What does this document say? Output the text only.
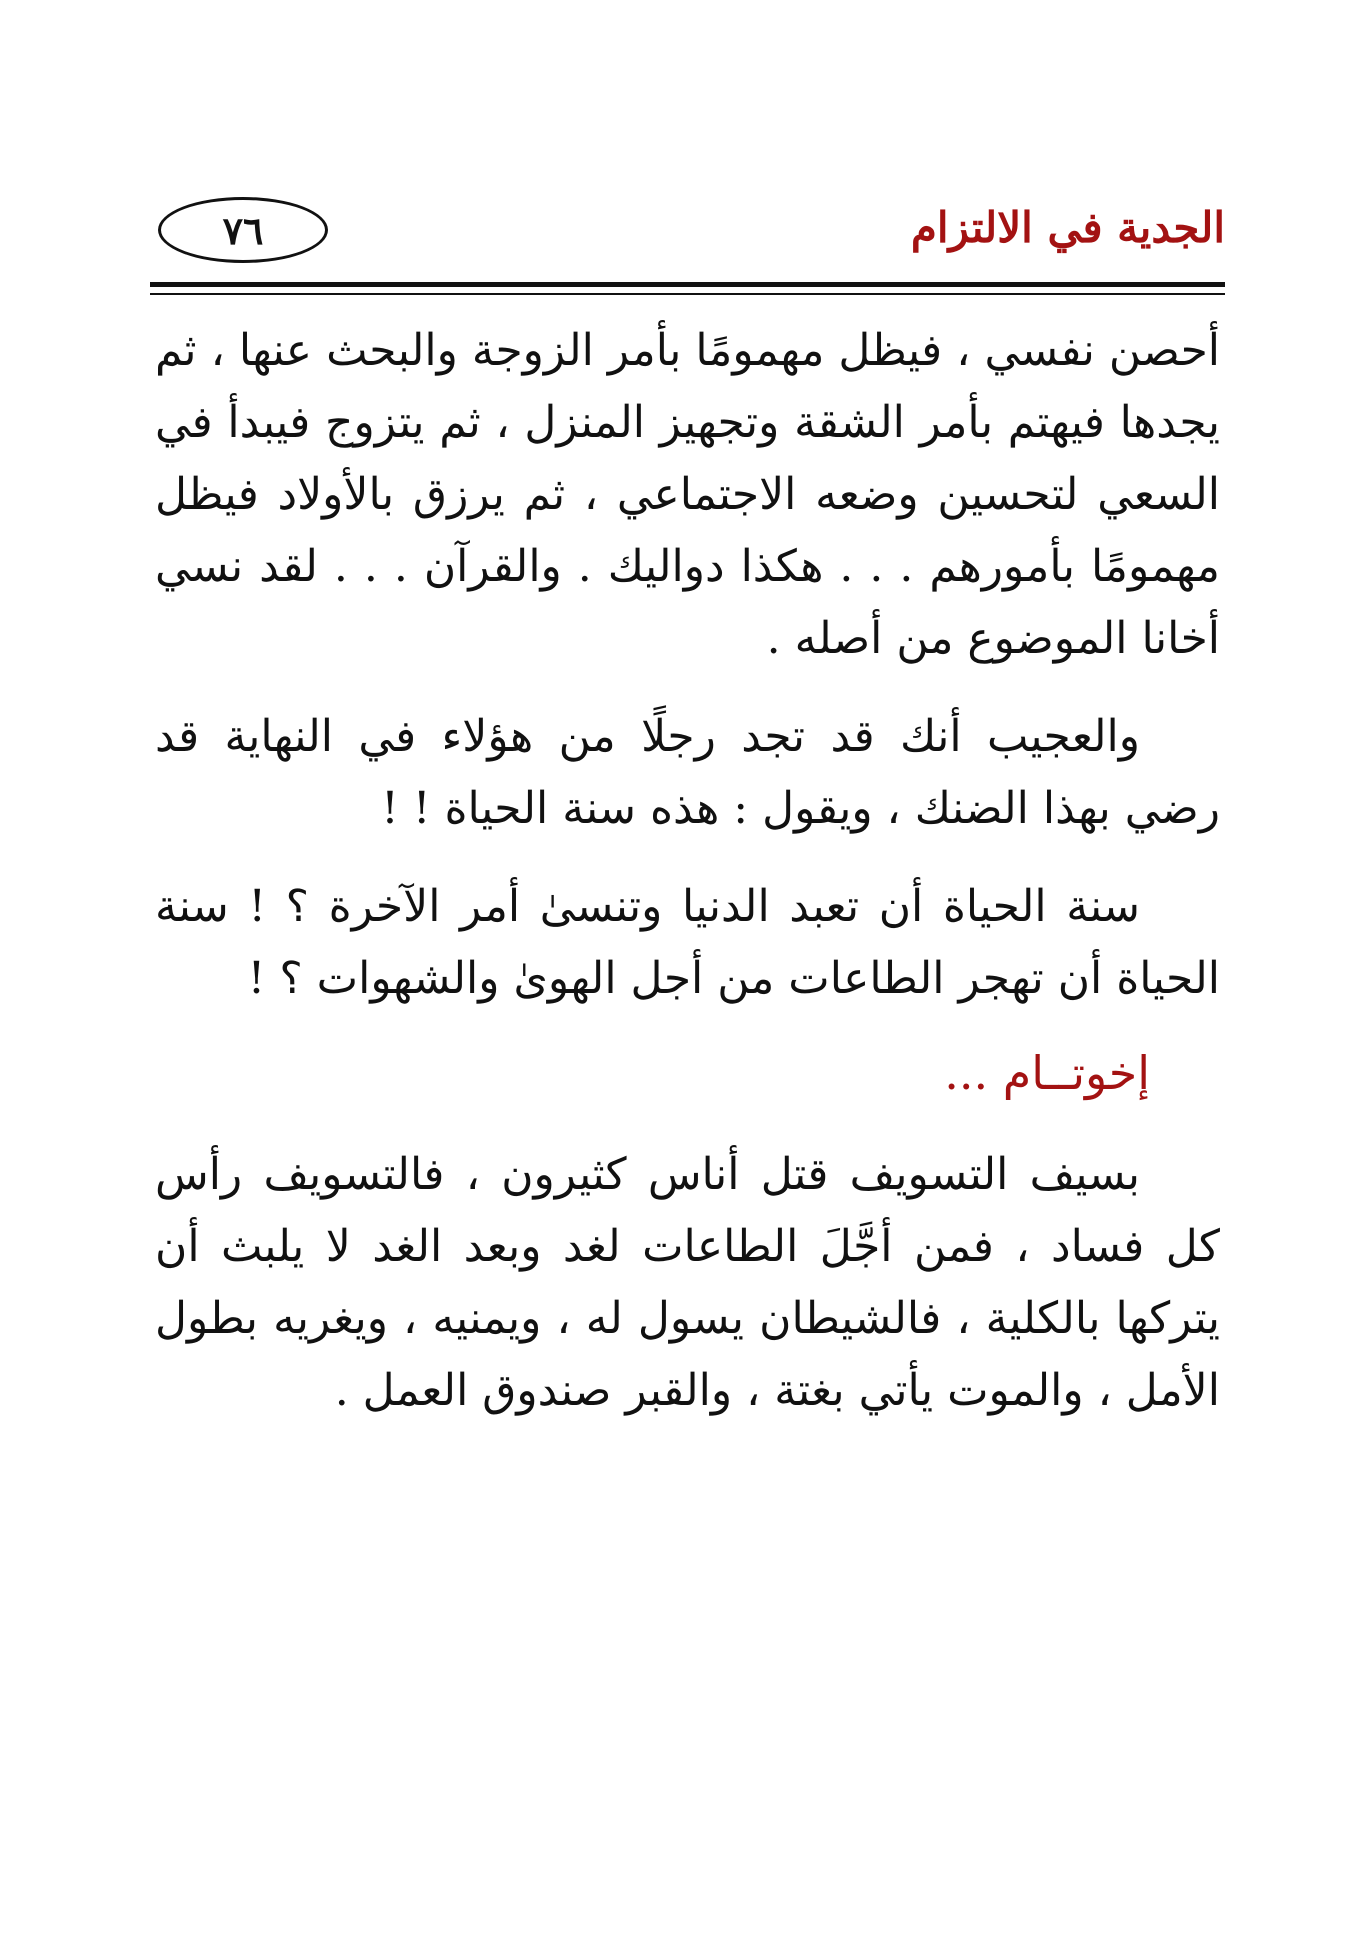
٧٦	الجدية في الالتزام

أحصن نفسي ، فيظل مهمومًا بأمر الزوجة والبحث عنها ، ثم يجدها فيهتم بأمر الشقة وتجهيز المنزل ، ثم يتزوج فيبدأ في السعي لتحسين وضعه الاجتماعي ، ثم يرزق بالأولاد فيظل مهمومًا بأمورهم . . . هكذا دواليك . والقرآن . . . لقد نسي أخانا الموضوع من أصله .

والعجيب أنك قد تجد رجلًا من هؤلاء في النهاية قد رضي بهذا الضنك ، ويقول : هذه سنة الحياة ! !

سنة الحياة أن تعبد الدنيا وتنسىٰ أمر الآخرة ؟ ! سنة الحياة أن تهجر الطاعات من أجل الهوىٰ والشهوات ؟ !

إخوتــام ...

بسيف التسويف قتل أناس كثيرون ، فالتسويف رأس كل فساد ، فمن أجَّلَ الطاعات لغد وبعد الغد لا يلبث أن يتركها بالكلية ، فالشيطان يسول له ، ويمنيه ، ويغريه بطول الأمل ، والموت يأتي بغتة ، والقبر صندوق العمل .
